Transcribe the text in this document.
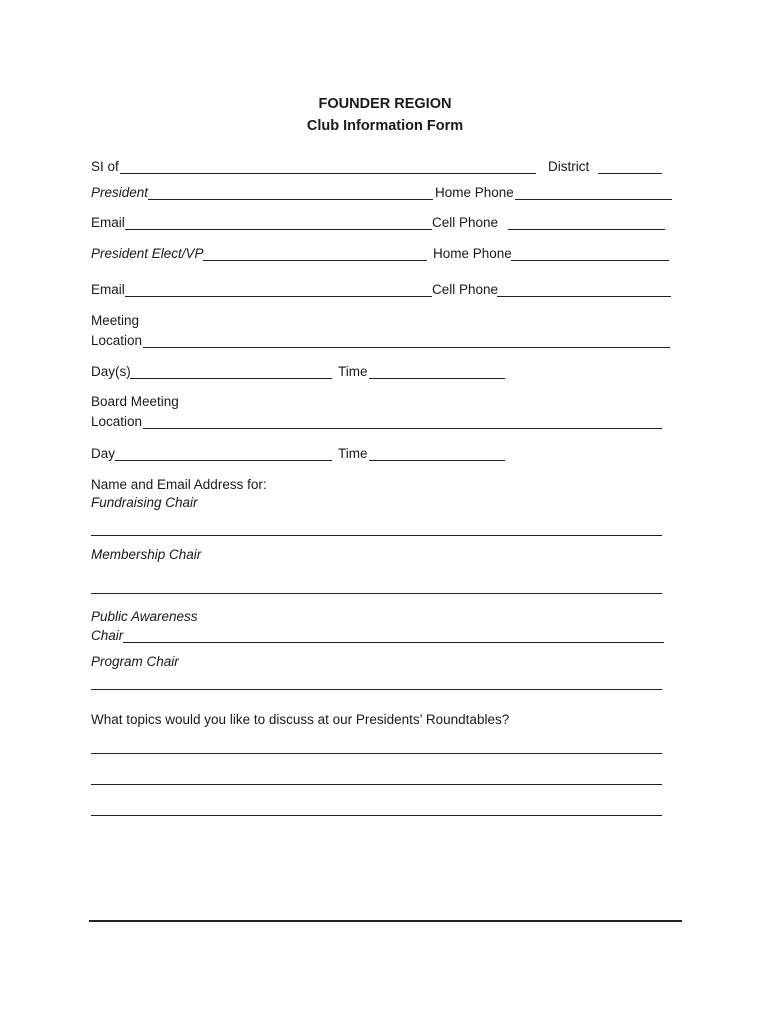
FOUNDER REGION
Club Information Form
SI of	District
President	Home Phone
Email	Cell Phone
President Elect/VP	Home Phone
Email	Cell Phone
Meeting
Location
Day(s)	Time
Board Meeting
Location
Day	Time
Name and Email Address for:
Fundraising Chair
Membership Chair
Public Awareness
Chair
Program Chair
What topics would you like to discuss at our Presidents’ Roundtables?
